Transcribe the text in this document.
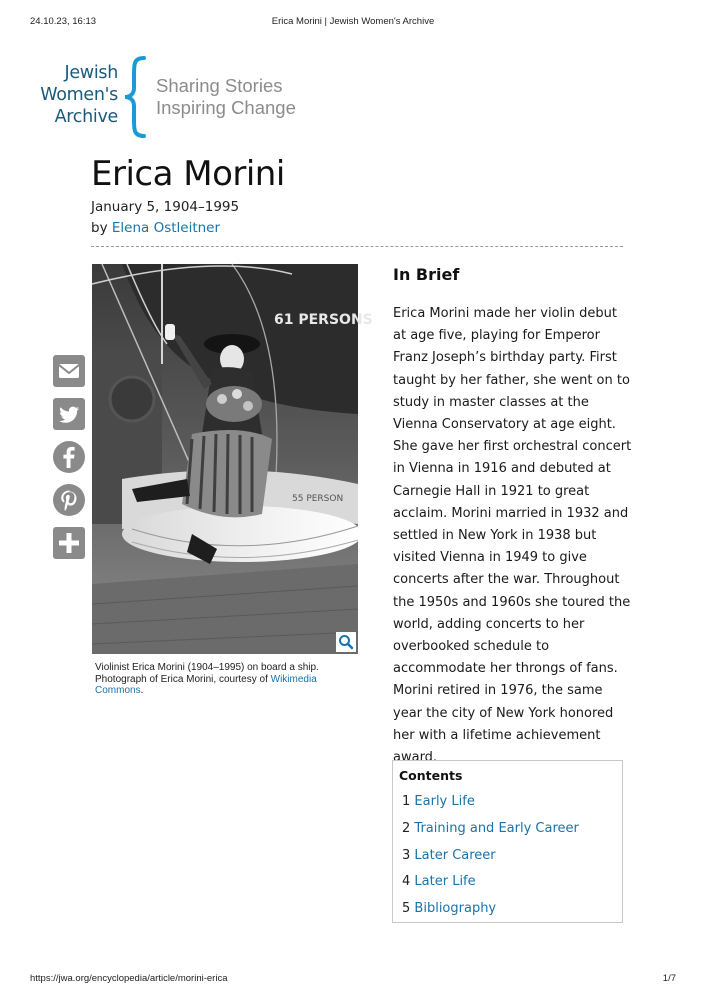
24.10.23, 16:13	Erica Morini | Jewish Women's Archive
Jewish
Women's
Archive
Sharing Stories
Inspiring Change
Erica Morini
January 5, 1904–1995
by Elena Ostleitner
61 PERSONS
55 PERSON
Violinist Erica Morini (1904–1995) on board a ship. Photograph of Erica Morini, courtesy of Wikimedia Commons.
In Brief

Erica Morini made her violin debut at age five, playing for Emperor Franz Joseph’s birthday party. First taught by her father, she went on to study in master classes at the Vienna Conservatory at age eight. She gave her first orchestral concert in Vienna in 1916 and debuted at Carnegie Hall in 1921 to great acclaim. Morini married in 1932 and settled in New York in 1938 but visited Vienna in 1949 to give concerts after the war. Throughout the 1950s and 1960s she toured the world, adding concerts to her overbooked schedule to accommodate her throngs of fans. Morini retired in 1976, the same year the city of New York honored her with a lifetime achievement award.

Contents
1 Early Life
2 Training and Early Career
3 Later Career
4 Later Life
5 Bibliography
https://jwa.org/encyclopedia/article/morini-erica	1/7
